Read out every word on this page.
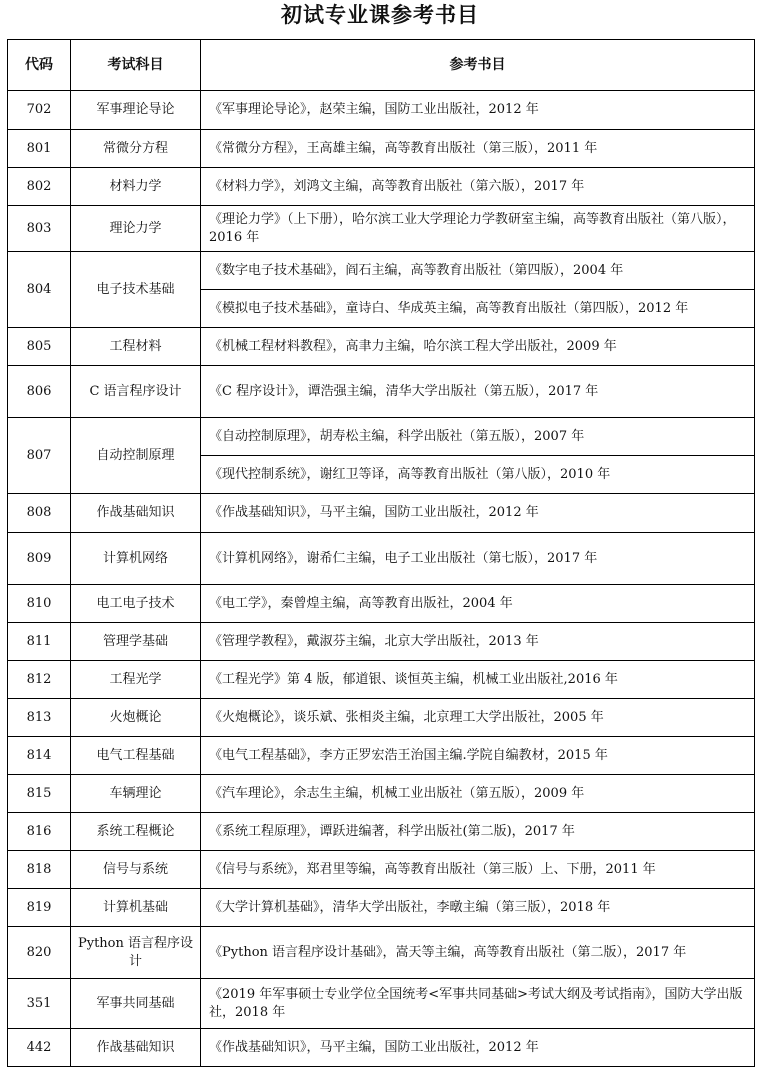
初试专业课参考书目
代码	考试科目	参考书目
702	军事理论导论	《军事理论导论》，赵荣主编，国防工业出版社，2012 年
801	常微分方程	《常微分方程》，王高雄主编，高等教育出版社（第三版），2011 年
802	材料力学	《材料力学》，刘鸿文主编，高等教育出版社（第六版），2017 年
803	理论力学	《理论力学》（上下册），哈尔滨工业大学理论力学教研室主编，高等教育出版社（第八版），2016 年
804	电子技术基础	《数字电子技术基础》，阎石主编，高等教育出版社（第四版），2004 年
		《模拟电子技术基础》，童诗白、华成英主编，高等教育出版社（第四版），2012 年
805	工程材料	《机械工程材料教程》，高聿力主编，哈尔滨工程大学出版社，2009 年
806	C 语言程序设计	《C 程序设计》，谭浩强主编，清华大学出版社（第五版），2017 年
807	自动控制原理	《自动控制原理》，胡寿松主编，科学出版社（第五版），2007 年
		《现代控制系统》，谢红卫等译，高等教育出版社（第八版），2010 年
808	作战基础知识	《作战基础知识》，马平主编，国防工业出版社，2012 年
809	计算机网络	《计算机网络》，谢希仁主编，电子工业出版社（第七版），2017 年
810	电工电子技术	《电工学》，秦曾煌主编，高等教育出版社，2004 年
811	管理学基础	《管理学教程》，戴淑芬主编，北京大学出版社，2013 年
812	工程光学	《工程光学》第 4 版，郁道银、谈恒英主编，机械工业出版社,2016 年
813	火炮概论	《火炮概论》，谈乐斌、张相炎主编，北京理工大学出版社，2005 年
814	电气工程基础	《电气工程基础》，李方正罗宏浩王治国主编.学院自编教材，2015 年
815	车辆理论	《汽车理论》，余志生主编，机械工业出版社（第五版），2009 年
816	系统工程概论	《系统工程原理》，谭跃进编著，科学出版社(第二版)，2017 年
818	信号与系统	《信号与系统》，郑君里等编，高等教育出版社（第三版）上、下册，2011 年
819	计算机基础	《大学计算机基础》，清华大学出版社，李暾主编（第三版），2018 年
820	Python 语言程序设计	《Python 语言程序设计基础》，嵩天等主编，高等教育出版社（第二版），2017 年
351	军事共同基础	《2019 年军事硕士专业学位全国统考<军事共同基础>考试大纲及考试指南》，国防大学出版社，2018 年
442	作战基础知识	《作战基础知识》，马平主编，国防工业出版社，2012 年
